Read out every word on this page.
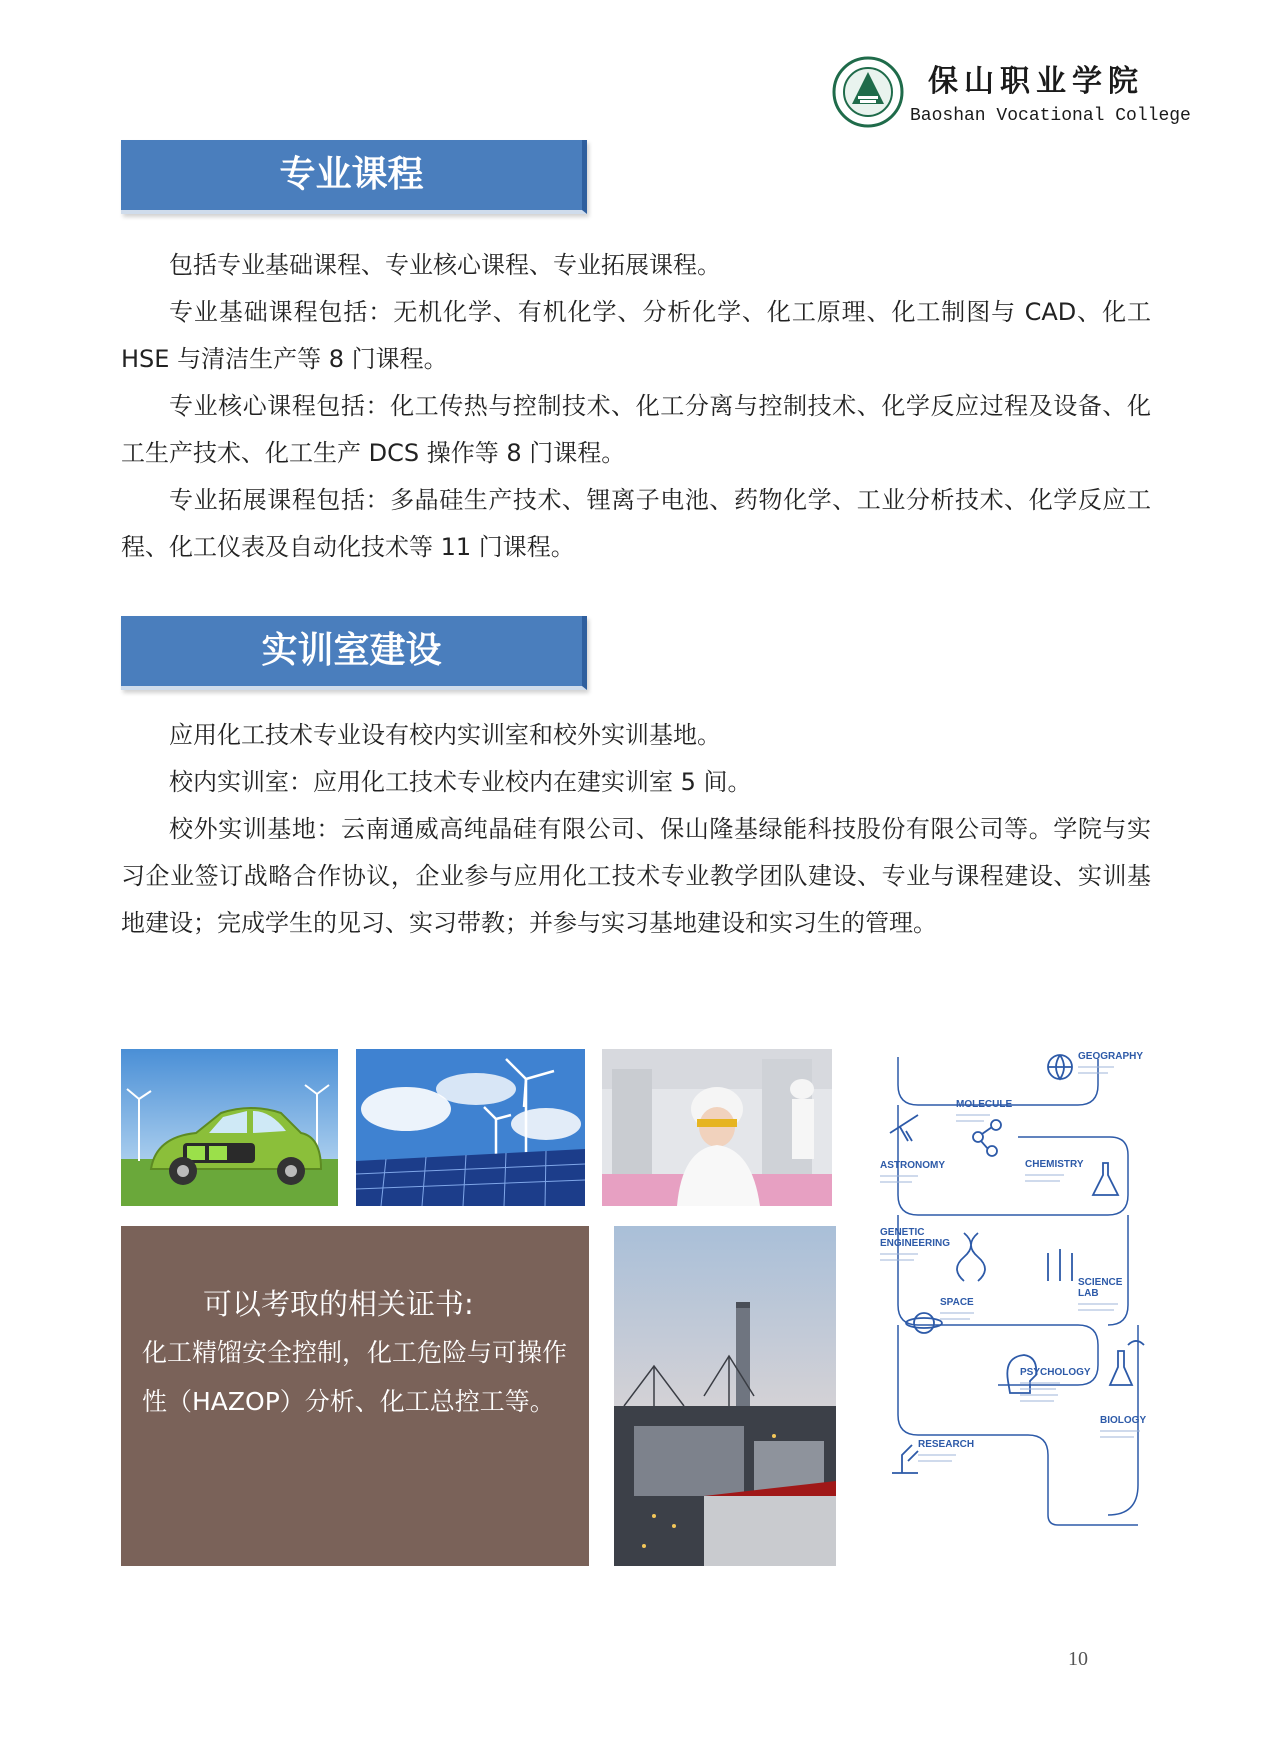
保山职业学院
Baoshan Vocational College
专业课程

包括专业基础课程、专业核心课程、专业拓展课程。

专业基础课程包括：无机化学、有机化学、分析化学、化工原理、化工制图与 CAD、化工 HSE 与清洁生产等 8 门课程。

专业核心课程包括：化工传热与控制技术、化工分离与控制技术、化学反应过程及设备、化工生产技术、化工生产 DCS 操作等 8 门课程。

专业拓展课程包括：多晶硅生产技术、锂离子电池、药物化学、工业分析技术、化学反应工程、化工仪表及自动化技术等 11 门课程。

实训室建设

应用化工技术专业设有校内实训室和校外实训基地。

校内实训室：应用化工技术专业校内在建实训室 5 间。

校外实训基地：云南通威高纯晶硅有限公司、保山隆基绿能科技股份有限公司等。学院与实习企业签订战略合作协议，企业参与应用化工技术专业教学团队建设、专业与课程建设、实训基地建设；完成学生的见习、实习带教；并参与实习基地建设和实习生的管理。

可以考取的相关证书:
化工精馏安全控制，化工危险与可操作性（HAZOP）分析、化工总控工等。
GEOGRAPHY
MOLECULE
ASTRONOMY	CHEMISTRY
GENETIC
ENGINEERING
SCIENCE
LAB
SPACE
PSYCHOLOGY
BIOLOGY
RESEARCH
10
